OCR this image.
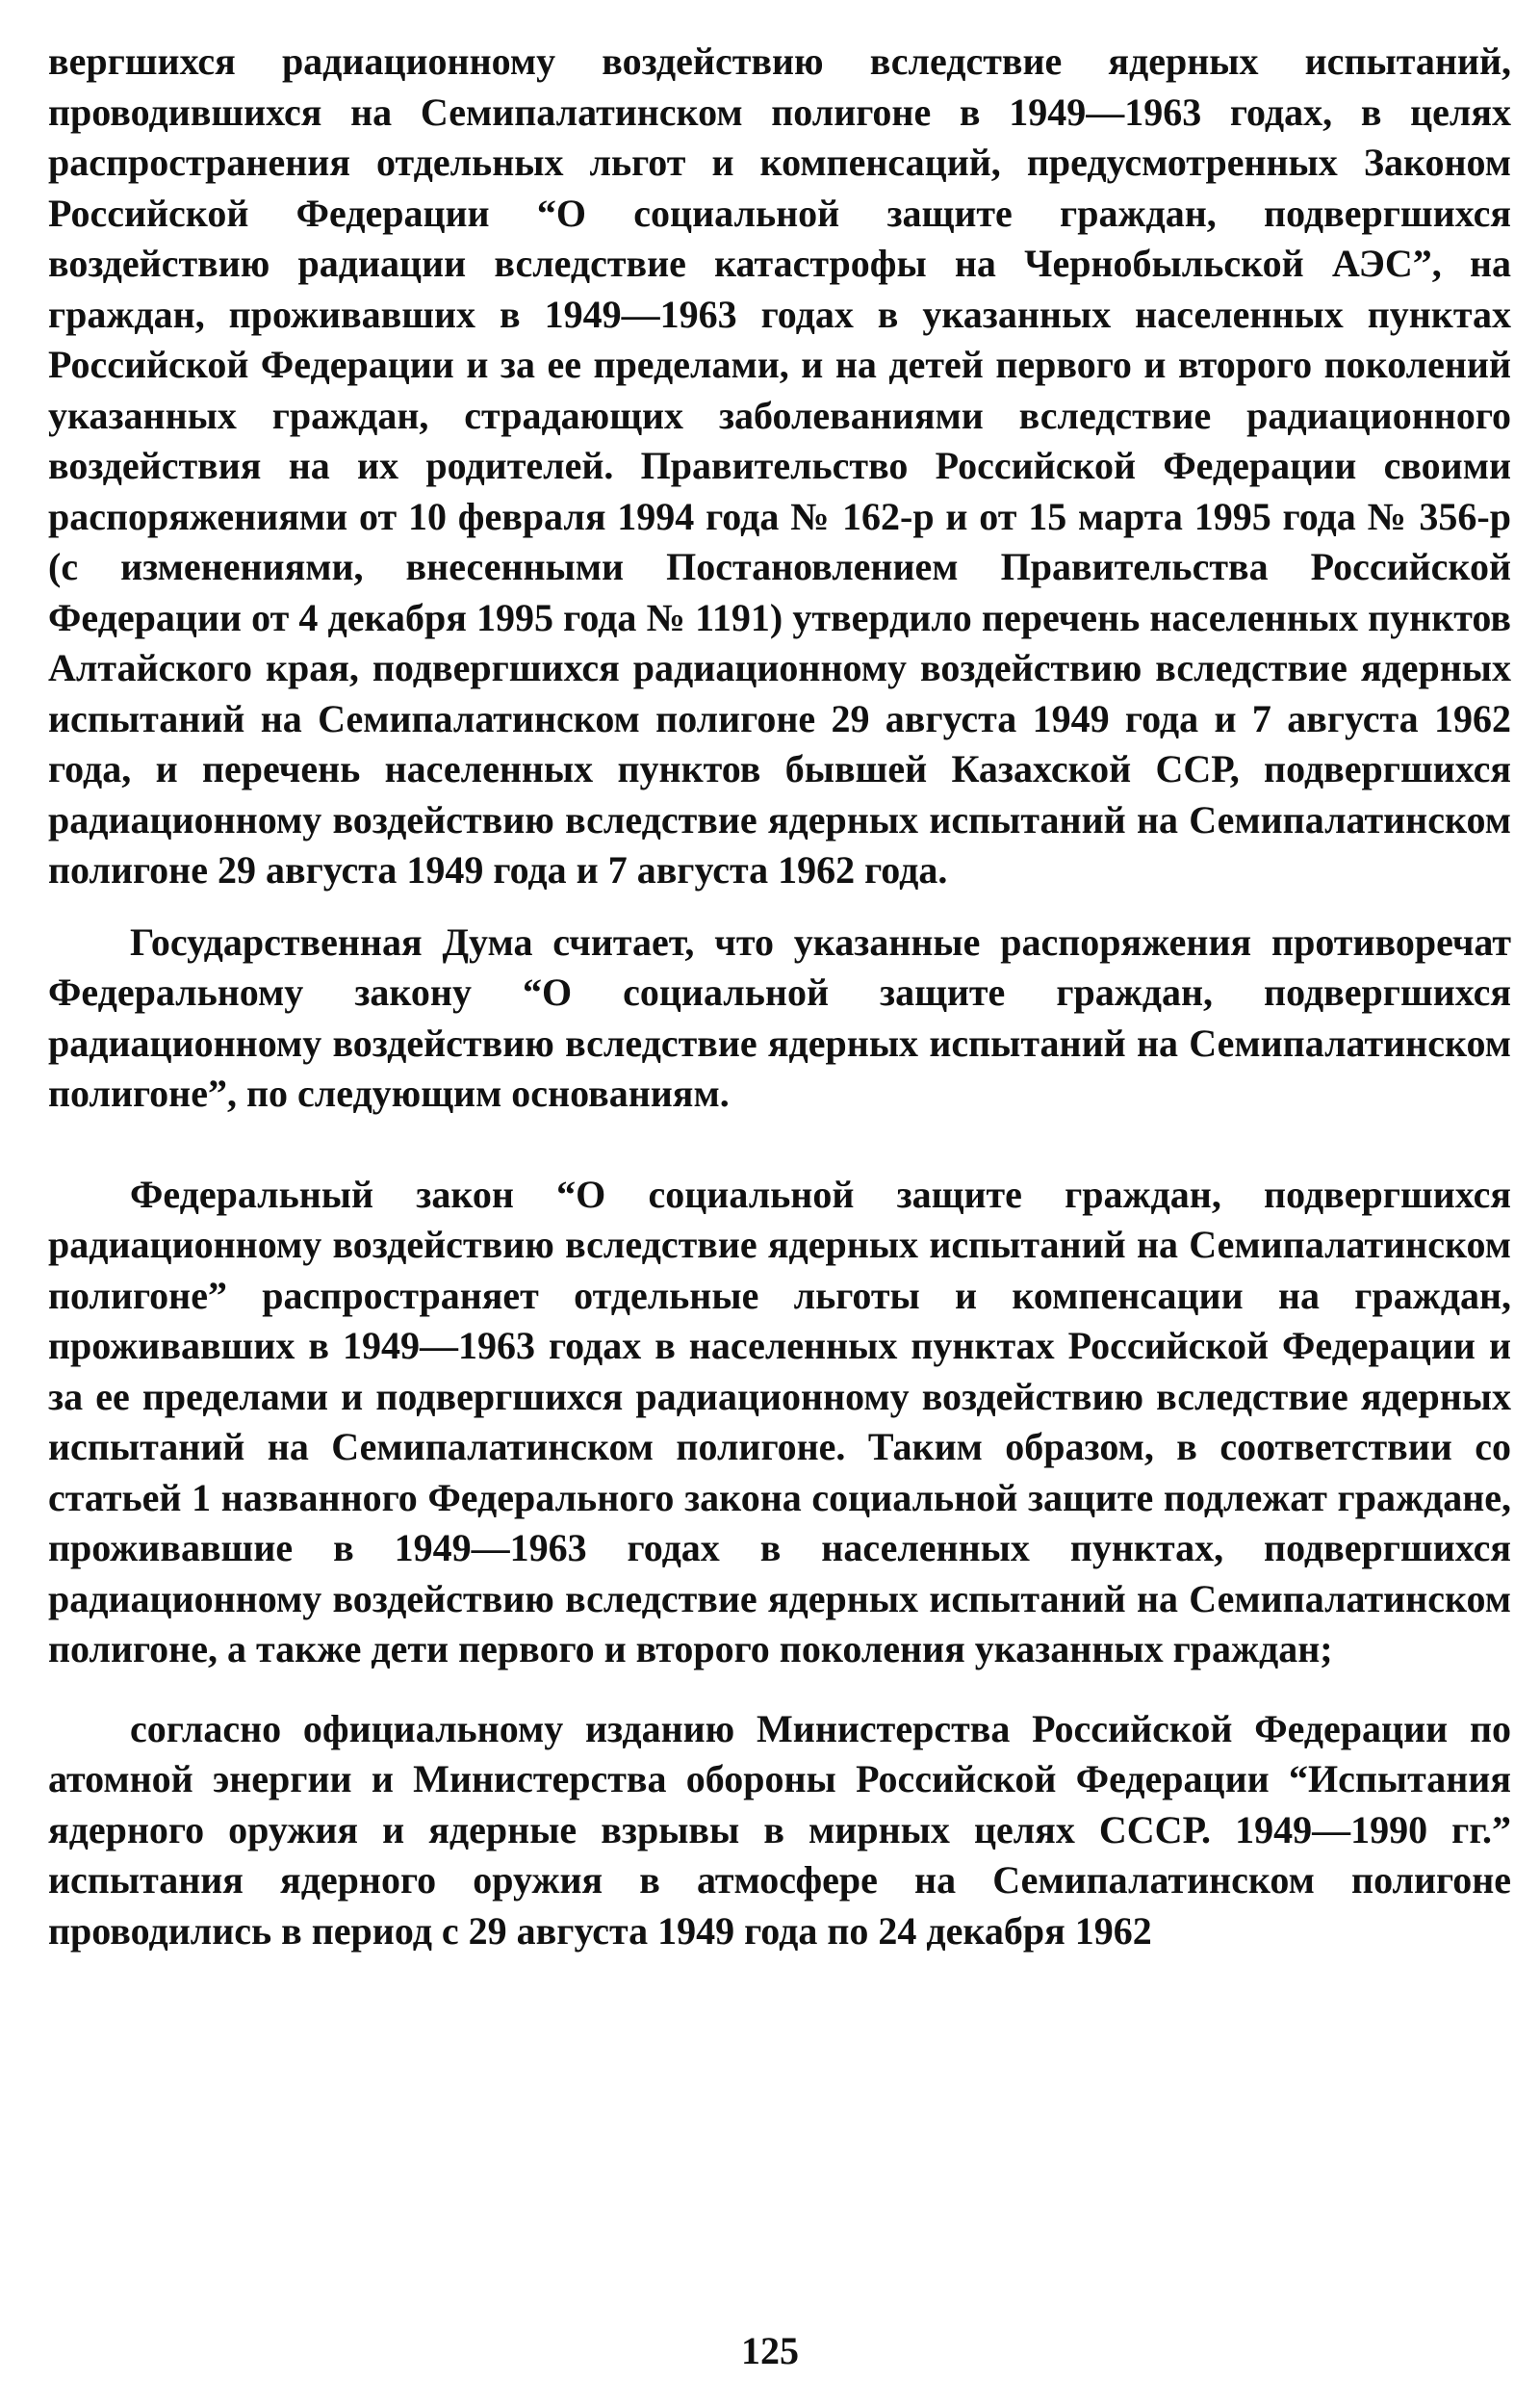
вергшихся радиационному воздействию вследствие ядерных испытаний, проводившихся на Семипалатинском полигоне в 1949—1963 годах, в целях распространения отдельных льгот и компенсаций, предусмотренных Законом Российской Федерации “О социальной защите граждан, подвергшихся воздействию радиации вследствие катастрофы на Чернобыльской АЭС”, на граждан, проживавших в 1949—1963 годах в указанных населенных пунктах Российской Федерации и за ее пределами, и на детей первого и второго поколений указанных граждан, страдающих заболеваниями вследствие радиационного воздействия на их родителей. Правительство Российской Федерации своими распоряжениями от 10 февраля 1994 года № 162-р и от 15 марта 1995 года № 356-р (с изменениями, внесенными Постановлением Правительства Российской Федерации от 4 декабря 1995 года № 1191) утвердило перечень населенных пунктов Алтайского края, подвергшихся радиационному воздействию вследствие ядерных испытаний на Семипалатинском полигоне 29 августа 1949 года и 7 августа 1962 года, и перечень населенных пунктов бывшей Казахской ССР, подвергшихся радиационному воздействию вследствие ядерных испытаний на Семипалатинском полигоне 29 августа 1949 года и 7 августа 1962 года.

Государственная Дума считает, что указанные распоряжения противоречат Федеральному закону “О социальной защите граждан, подвергшихся радиационному воздействию вследствие ядерных испытаний на Семипалатинском полигоне”, по следующим основаниям.

Федеральный закон “О социальной защите граждан, подвергшихся радиационному воздействию вследствие ядерных испытаний на Семипалатинском полигоне” распространяет отдельные льготы и компенсации на граждан, проживавших в 1949—1963 годах в населенных пунктах Российской Федерации и за ее пределами и подвергшихся радиационному воздействию вследствие ядерных испытаний на Семипалатинском полигоне. Таким образом, в соответствии со статьей 1 названного Федерального закона социальной защите подлежат граждане, проживавшие в 1949—1963 годах в населенных пунктах, подвергшихся радиационному воздействию вследствие ядерных испытаний на Семипалатинском полигоне, а также дети первого и второго поколения указанных граждан;

согласно официальному изданию Министерства Российской Федерации по атомной энергии и Министерства обороны Российской Федерации “Испытания ядерного оружия и ядерные взрывы в мирных целях СССР. 1949—1990 гг.” испытания ядерного оружия в атмосфере на Семипалатинском полигоне проводились в период с 29 августа 1949 года по 24 декабря 1962

125
